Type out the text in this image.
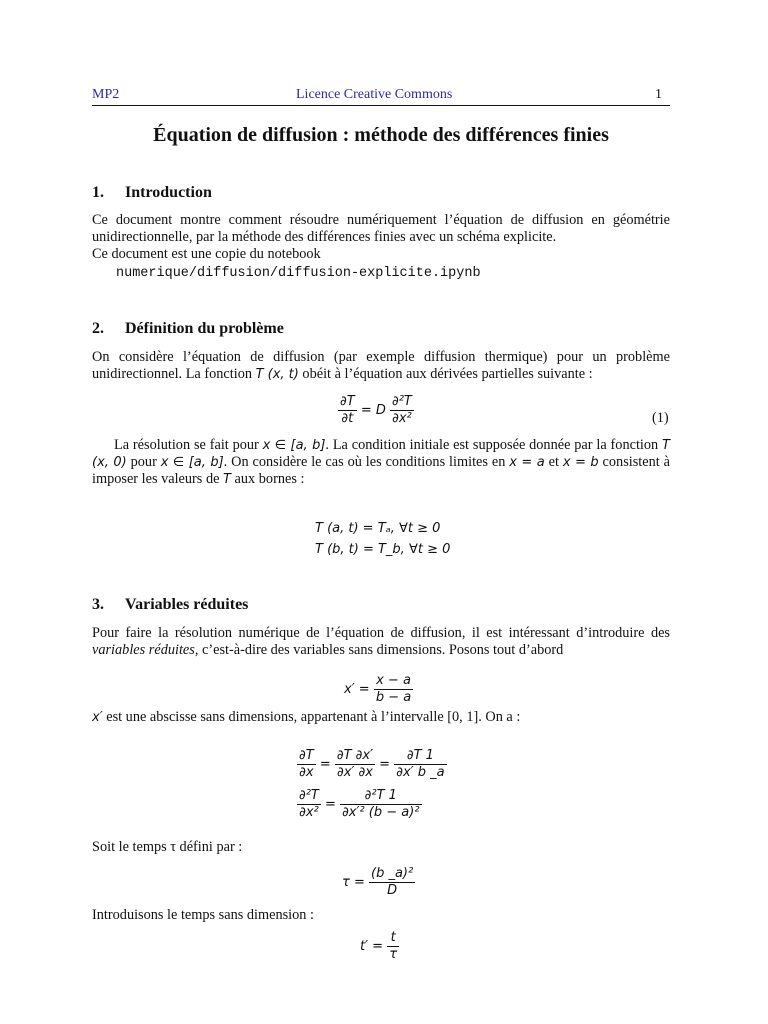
MP2	Licence Creative Commons	1
Équation de diffusion : méthode des différences finies
1. Introduction

Ce document montre comment résoudre numériquement l’équation de diffusion en géométrie unidirectionnelle, par la méthode des différences finies avec un schéma explicite.

Ce document est une copie du notebook

numerique/diffusion/diffusion-explicite.ipynb

2. Définition du problème

On considère l’équation de diffusion (par exemple diffusion thermique) pour un problème unidirectionnel. La fonction T (x, t) obéit à l’équation aux dérivées partielles suivante :

$\frac{\partial T}{\partial t} = D \frac{\text{∂²T}}{\text{∂x²}}$	(1)

La résolution se fait pour x ∈ [a, b]. La condition initiale est supposée donnée par la fonction T (x, 0) pour x ∈ [a, b]. On considère le cas où les conditions limites en x = a et x = b consistent à imposer les valeurs de T aux bornes :

T (a, t) = Tₐ, ∀t ≥ 0
T (b, t) = T_b, ∀t ≥ 0
3. Variables réduites

Pour faire la résolution numérique de l’équation de diffusion, il est intéressant d’introduire des variables réduites, c’est-à-dire des variables sans dimensions. Posons tout d’abord

$x' = \frac{x - a}{b - a}$

x′ est une abscisse sans dimensions, appartenant à l’intervalle [0, 1]. On a :

$\frac{\partial T}{\partial x} = \frac{\partial T \partial x'}{\partial x' \partial x} = \frac{\partial T 1}{\partial x' b \_a}$
$\frac{\text{∂²T}}{\text{∂x²}} = \frac{\text{∂²T 1}}{\text{∂x′² (b − a)²}}$
Soit le temps τ défini par :
$\tau = \frac{\text{(b \_a)²}}{D}$
Introduisons le temps sans dimension :
$t' = \frac{t}{\tau}$
